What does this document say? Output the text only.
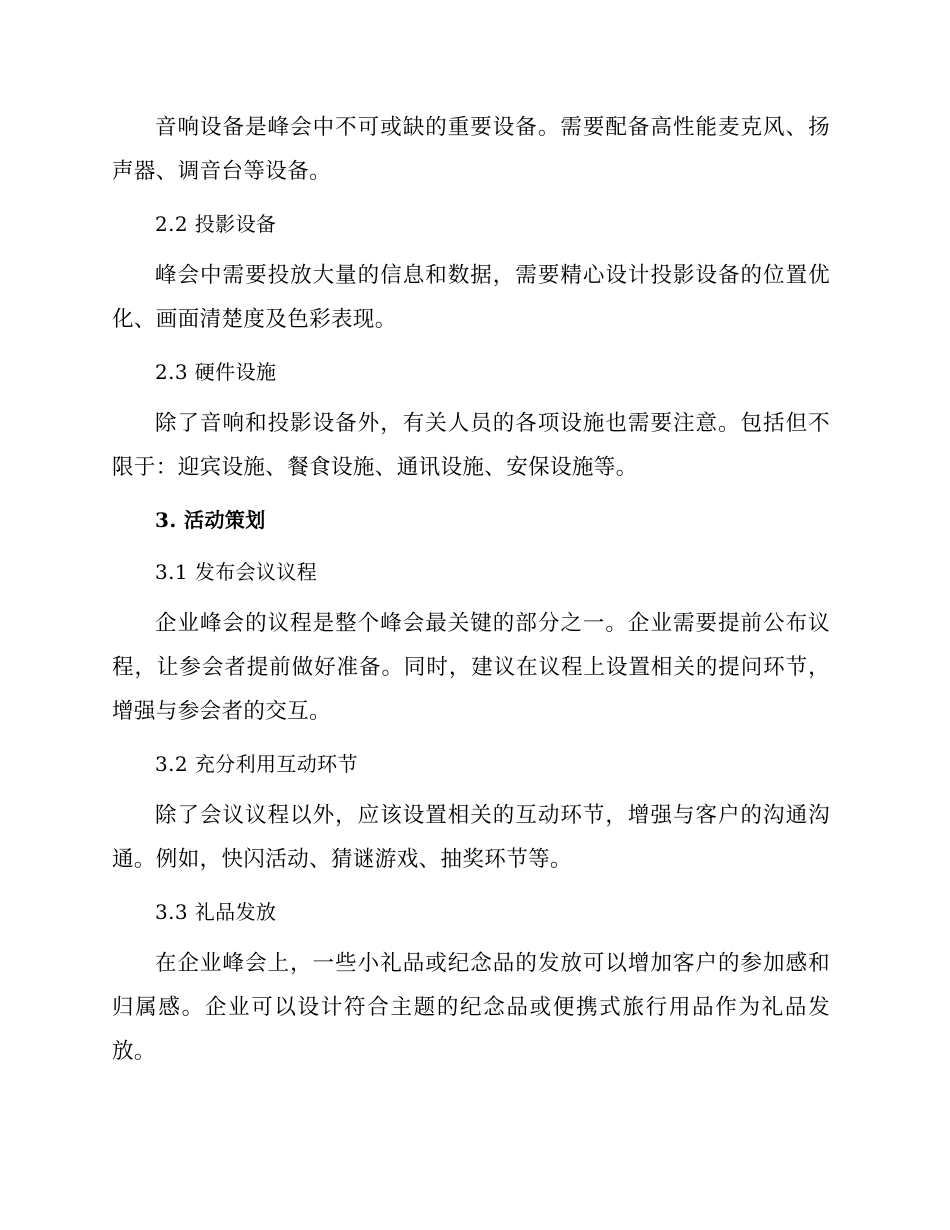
音响设备是峰会中不可或缺的重要设备。需要配备高性能麦克风、扬声器、调音台等设备。

2.2 投影设备

峰会中需要投放大量的信息和数据，需要精心设计投影设备的位置优化、画面清楚度及色彩表现。

2.3 硬件设施

除了音响和投影设备外，有关人员的各项设施也需要注意。包括但不限于：迎宾设施、餐食设施、通讯设施、安保设施等。

3. 活动策划

3.1 发布会议议程

企业峰会的议程是整个峰会最关键的部分之一。企业需要提前公布议程，让参会者提前做好准备。同时，建议在议程上设置相关的提问环节，增强与参会者的交互。

3.2 充分利用互动环节

除了会议议程以外，应该设置相关的互动环节，增强与客户的沟通沟通。例如，快闪活动、猜谜游戏、抽奖环节等。

3.3 礼品发放

在企业峰会上，一些小礼品或纪念品的发放可以增加客户的参加感和归属感。企业可以设计符合主题的纪念品或便携式旅行用品作为礼品发放。
